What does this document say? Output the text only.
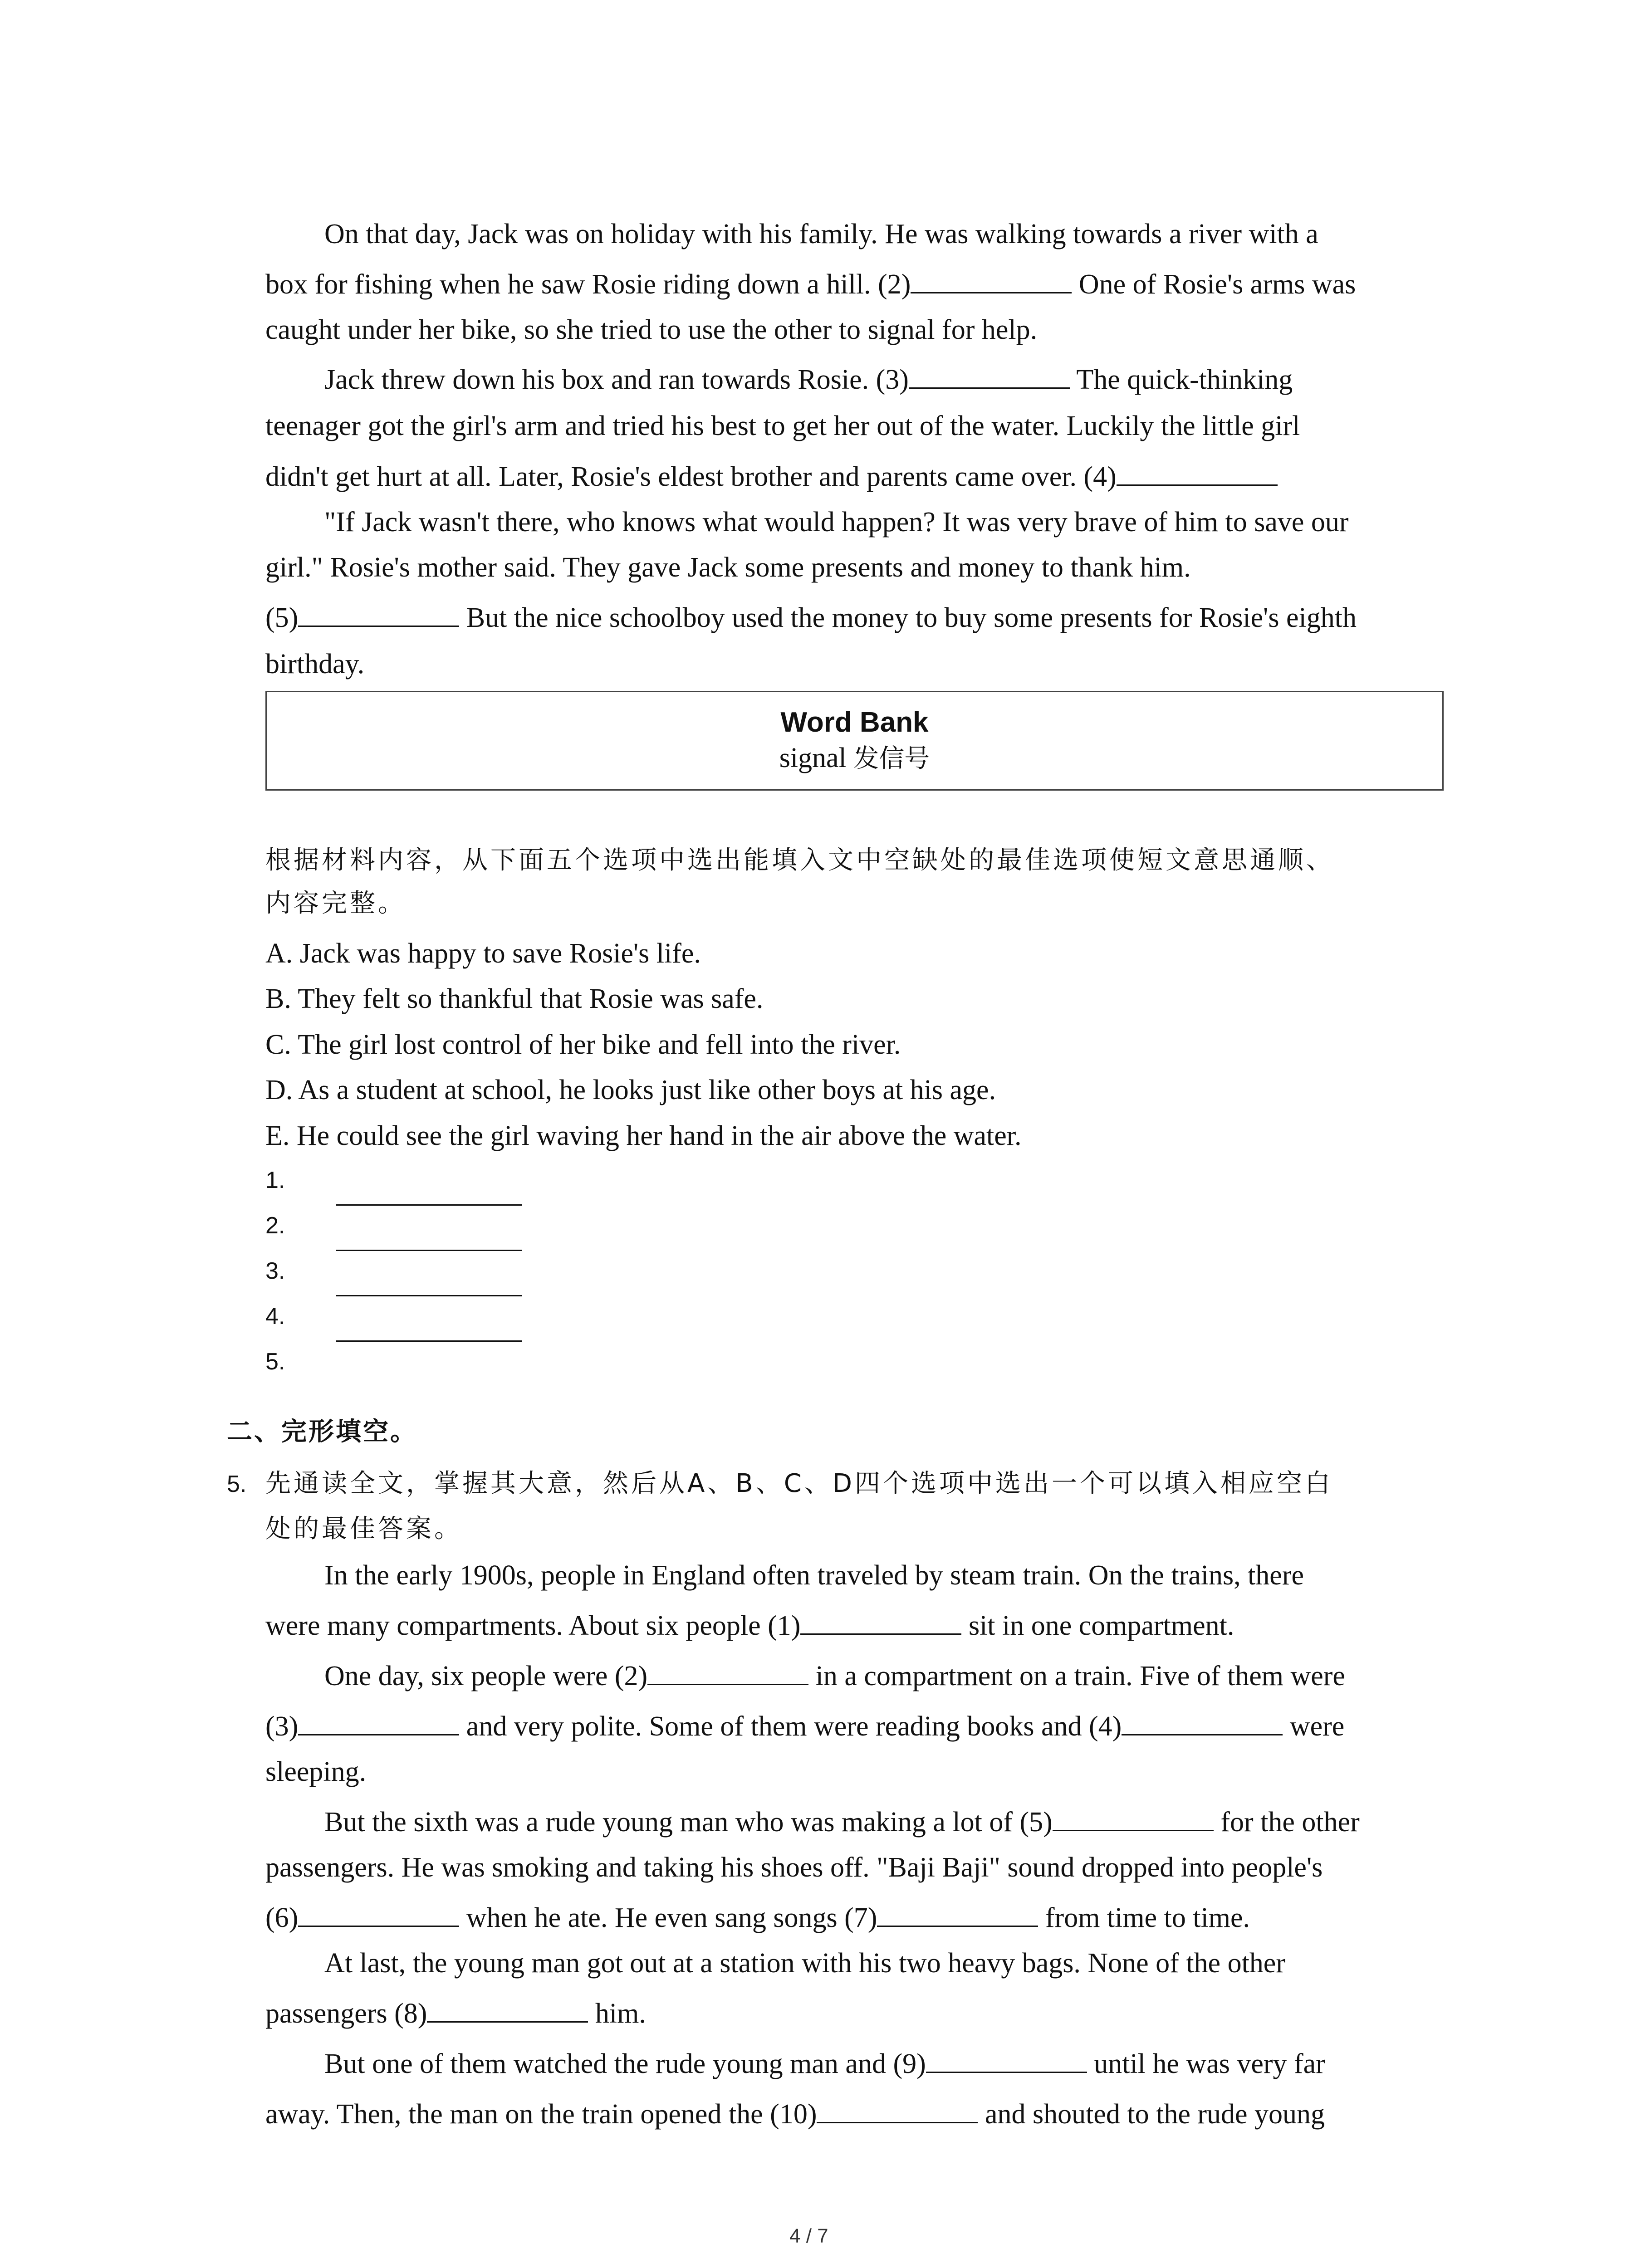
On that day, Jack was on holiday with his family. He was walking towards a river with a
box for fishing when he saw Rosie riding down a hill. (2)	One of Rosie's arms was
caught under her bike, so she tried to use the other to signal for help.
Jack threw down his box and ran towards Rosie. (3)	The quick-thinking
teenager got the girl's arm and tried his best to get her out of the water. Luckily the little girl
didn't get hurt at all. Later, Rosie's eldest brother and parents came over. (4)
"If Jack wasn't there, who knows what would happen? It was very brave of him to save our
girl." Rosie's mother said. They gave Jack some presents and money to thank him.
(5)	But the nice schoolboy used the money to buy some presents for Rosie's eighth
birthday.
Word Bank
signal 发信号
根据材料内容，从下面五个选项中选出能填入文中空缺处的最佳选项使短文意思通顺、
内容完整。
A. Jack was happy to save Rosie's life.
B. They felt so thankful that Rosie was safe.
C. The girl lost control of her bike and fell into the river.
D. As a student at school, he looks just like other boys at his age.
E. He could see the girl waving her hand in the air above the water.
1.
2.
3.
4.
5.
二、完形填空。
5. 先通读全文，掌握其大意，然后从A、B、C、D四个选项中选出一个可以填入相应空白
处的最佳答案。
In the early 1900s, people in England often traveled by steam train. On the trains, there
were many compartments. About six people (1)	sit in one compartment.
One day, six people were (2)	in a compartment on a train. Five of them were
(3)	and very polite. Some of them were reading books and (4)	were
sleeping.
But the sixth was a rude young man who was making a lot of (5)	for the other
passengers. He was smoking and taking his shoes off. "Baji Baji" sound dropped into people's
(6)	when he ate. He even sang songs (7)	from time to time.
At last, the young man got out at a station with his two heavy bags. None of the other
passengers (8)	him.
But one of them watched the rude young man and (9)	until he was very far
away. Then, the man on the train opened the (10)	and shouted to the rude young
4 / 7
